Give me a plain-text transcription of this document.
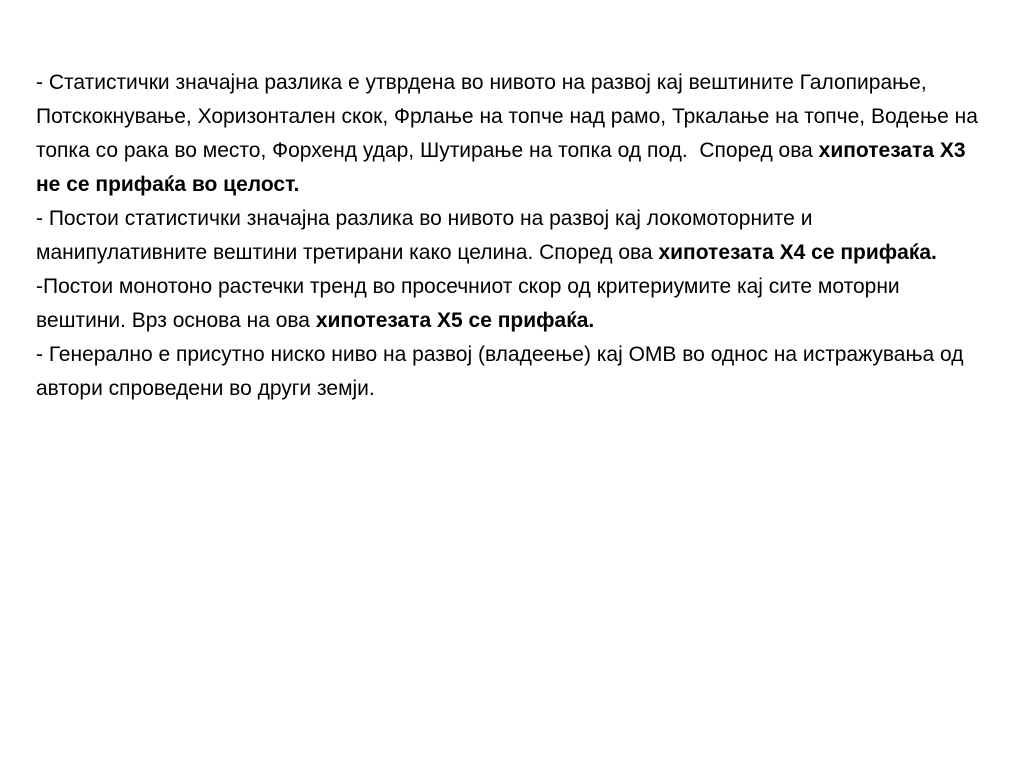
- Статистички значајна разлика е утврдена во нивото на развој кај вештините Галопирање, Потскокнување, Хоризонтален скок, Фрлање на топче над рамо, Тркалање на топче, Водење на топка со рака во место, Форхенд удар, Шутирање на топка од под.  Според ова хипотезата Х3 не се прифаќа во целост.

- Постои статистички значајна разлика во нивото на развој кај локомоторните и манипулативните вештини третирани како целина. Според ова хипотезата Х4 се прифаќа.

-Постои монотоно растечки тренд во просечниот скор од критериумите кај сите моторни вештини. Врз основа на ова хипотезата Х5 се прифаќа.

- Генерално е присутно ниско ниво на развој (владеење) кај ОМВ во однос на истражувања од автори спроведени во други земји.
